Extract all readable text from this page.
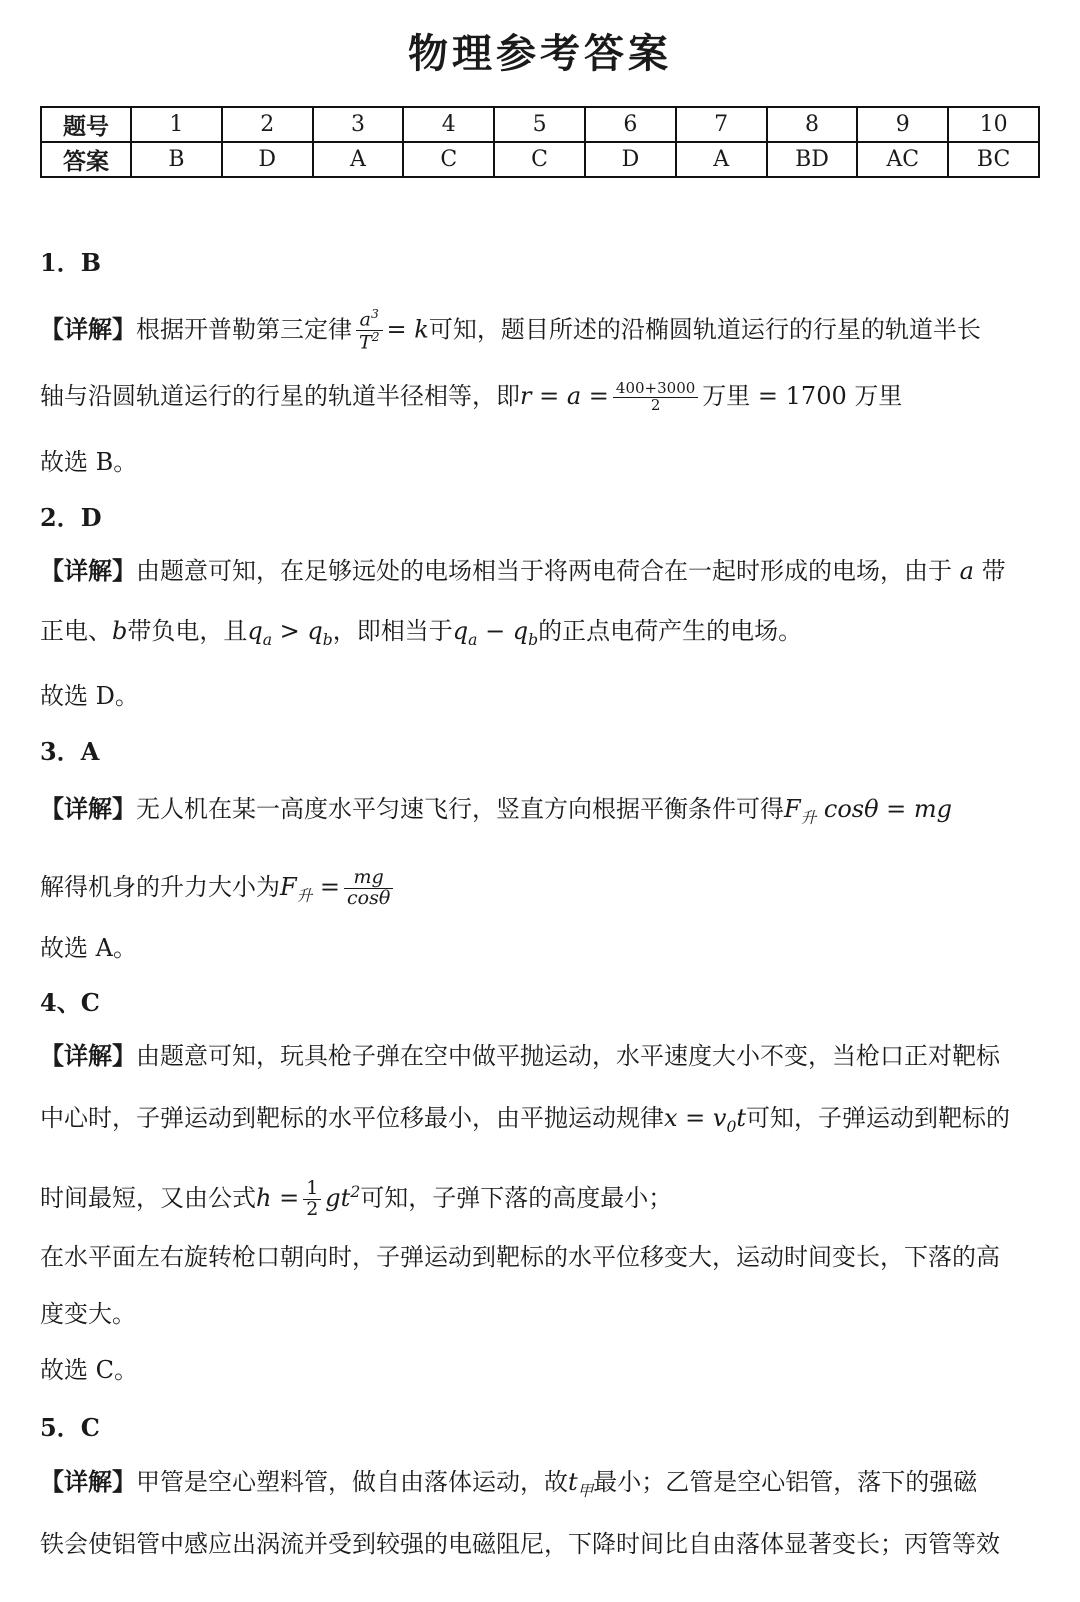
物理参考答案
题号	1	2	3	4	5	6	7	8	9	10
答案	B	D	A	C	C	D	A	BD	AC	BC
1．B
【详解】根据开普勒第三定律 $\frac{a^3}{T^2} = k$可知，题目所述的沿椭圆轨道运行的行星的轨道半长
轴与沿圆轨道运行的行星的轨道半径相等，即$r = a = \frac{400+3000}{2}$ 万里 = 1700 万里
故选 B。
2．D
【详解】由题意可知，在足够远处的电场相当于将两电荷合在一起时形成的电场，由于 a 带
正电、b带负电，且$q_a > q_b$，即相当于$q_a - q_b$的正点电荷产生的电场。
故选 D。
3．A
【详解】无人机在某一高度水平匀速飞行，竖直方向根据平衡条件可得$F_升$ cosθ = mg
解得机身的升力大小为$F_升 = \frac{mg}{\cos\theta}$
故选 A。
4、C
【详解】由题意可知，玩具枪子弹在空中做平抛运动，水平速度大小不变，当枪口正对靶标
中心时，子弹运动到靶标的水平位移最小，由平抛运动规律$x = v_0t$可知，子弹运动到靶标的
时间最短，又由公式$h = \frac{1}{2} gt^2$可知，子弹下落的高度最小；
在水平面左右旋转枪口朝向时，子弹运动到靶标的水平位移变大，运动时间变长，下落的高
度变大。
故选 C。
5．C
【详解】甲管是空心塑料管，做自由落体运动，故$t_甲$最小；乙管是空心铝管，落下的强磁
铁会使铝管中感应出涡流并受到较强的电磁阻尼，下降时间比自由落体显著变长；丙管等效
